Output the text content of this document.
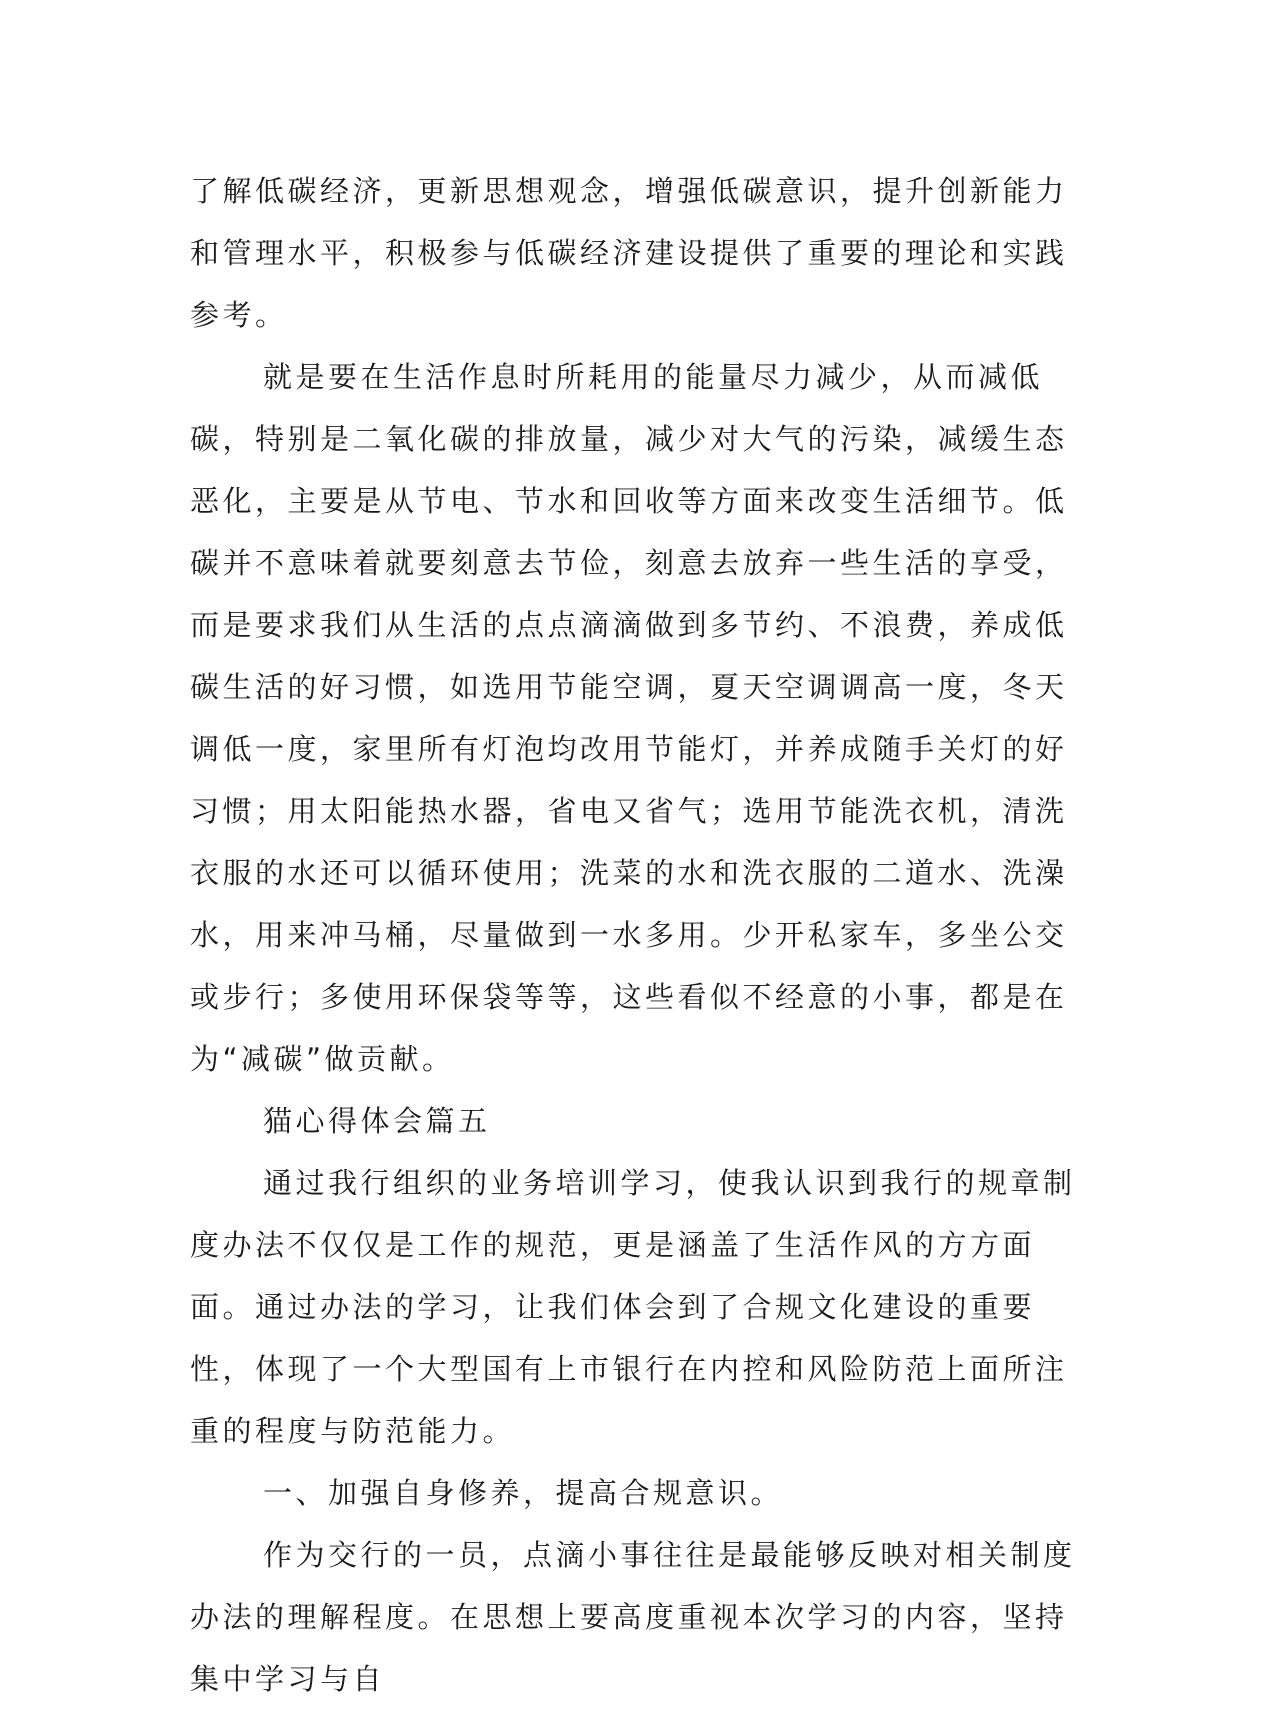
了解低碳经济，更新思想观念，增强低碳意识，提升创新能力和管理水平，积极参与低碳经济建设提供了重要的理论和实践参考。

就是要在生活作息时所耗用的能量尽力减少，从而减低碳，特别是二氧化碳的排放量，减少对大气的污染，减缓生态恶化，主要是从节电、节水和回收等方面来改变生活细节。低碳并不意味着就要刻意去节俭，刻意去放弃一些生活的享受，而是要求我们从生活的点点滴滴做到多节约、不浪费，养成低碳生活的好习惯，如选用节能空调，夏天空调调高一度，冬天调低一度，家里所有灯泡均改用节能灯，并养成随手关灯的好习惯；用太阳能热水器，省电又省气；选用节能洗衣机，清洗衣服的水还可以循环使用；洗菜的水和洗衣服的二道水、洗澡水，用来冲马桶，尽量做到一水多用。少开私家车，多坐公交或步行；多使用环保袋等等，这些看似不经意的小事，都是在为“减碳”做贡献。

猫心得体会篇五

通过我行组织的业务培训学习，使我认识到我行的规章制度办法不仅仅是工作的规范，更是涵盖了生活作风的方方面面。通过办法的学习，让我们体会到了合规文化建设的重要性，体现了一个大型国有上市银行在内控和风险防范上面所注重的程度与防范能力。

一、加强自身修养，提高合规意识。

作为交行的一员，点滴小事往往是最能够反映对相关制度办法的理解程度。在思想上要高度重视本次学习的内容，坚持集中学习与自
